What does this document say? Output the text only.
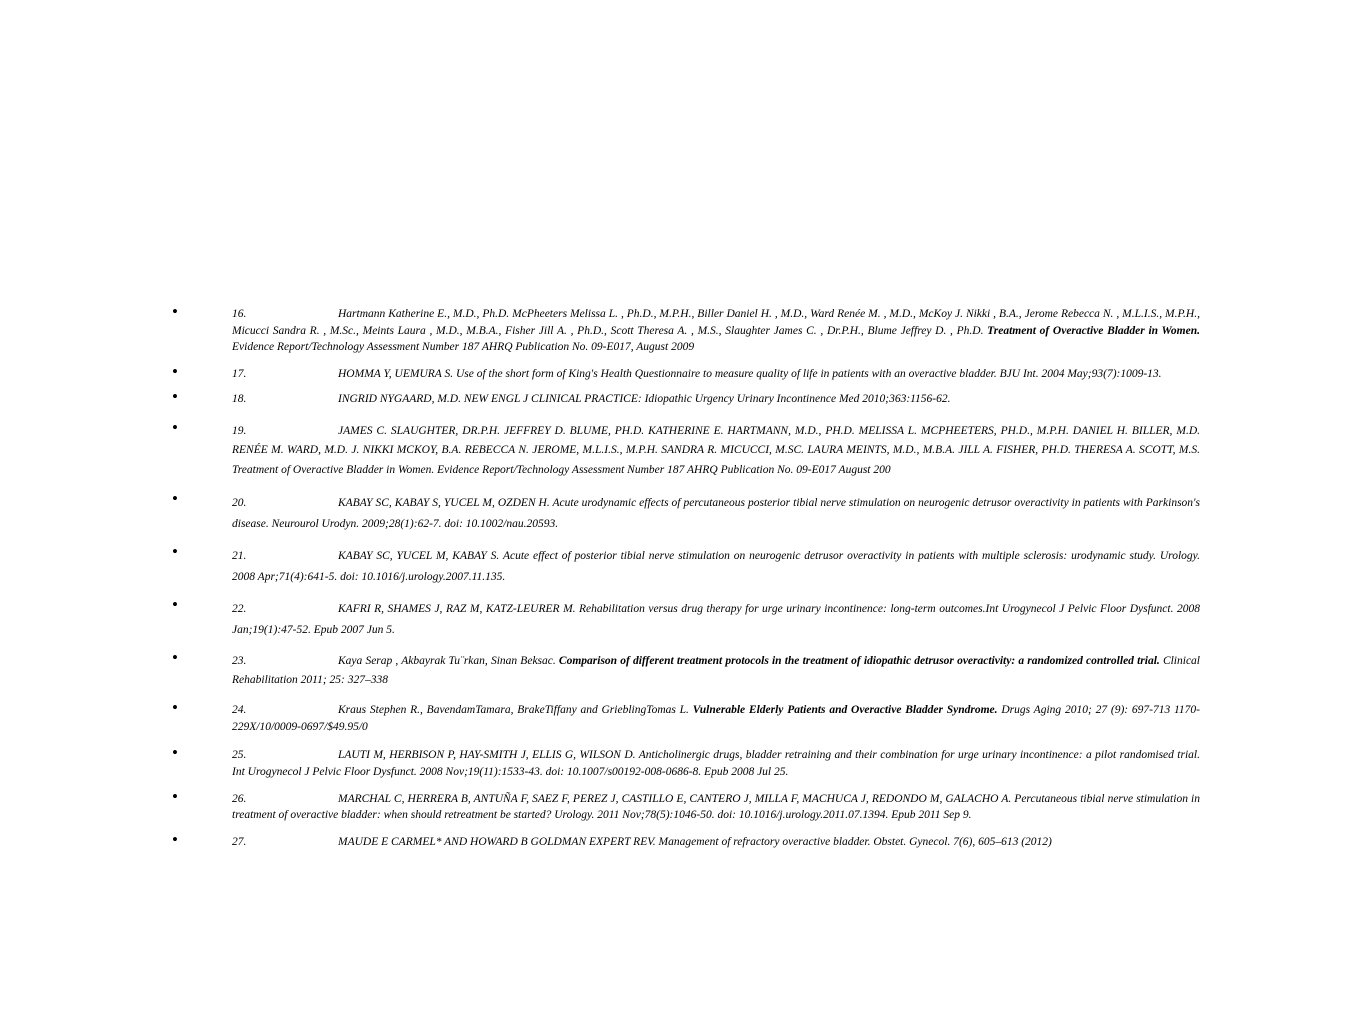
•	16.	Hartmann Katherine E., M.D., Ph.D. McPheeters Melissa L. , Ph.D., M.P.H., Biller Daniel H. , M.D., Ward Renée M. , M.D., McKoy J. Nikki , B.A., Jerome Rebecca N. , M.L.I.S., M.P.H., Micucci Sandra R. , M.Sc., Meints Laura , M.D., M.B.A., Fisher Jill A. , Ph.D., Scott Theresa A. , M.S., Slaughter James C. , Dr.P.H., Blume Jeffrey D. , Ph.D. Treatment of Overactive Bladder in Women. Evidence Report/Technology Assessment Number 187 AHRQ Publication No. 09-E017, August 2009
•	17.	HOMMA Y, UEMURA S. Use of the short form of King's Health Questionnaire to measure quality of life in patients with an overactive bladder. BJU Int. 2004 May;93(7):1009-13.
•	18.	INGRID NYGAARD, M.D. NEW ENGL J CLINICAL PRACTICE: Idiopathic Urgency Urinary Incontinence Med 2010;363:1156-62.
•	19.	JAMES C. SLAUGHTER, DR.P.H. JEFFREY D. BLUME, PH.D. KATHERINE E. HARTMANN, M.D., PH.D. MELISSA L. MCPHEETERS, PH.D., M.P.H. DANIEL H. BILLER, M.D. RENÉE M. WARD, M.D. J. NIKKI MCKOY, B.A. REBECCA N. JEROME, M.L.I.S., M.P.H. SANDRA R. MICUCCI, M.SC. LAURA MEINTS, M.D., M.B.A. JILL A. FISHER, PH.D. THERESA A. SCOTT, M.S. Treatment of Overactive Bladder in Women. Evidence Report/Technology Assessment Number 187 AHRQ Publication No. 09-E017 August 200
•	20.	KABAY SC, KABAY S, YUCEL M, OZDEN H. Acute urodynamic effects of percutaneous posterior tibial nerve stimulation on neurogenic detrusor overactivity in patients with Parkinson's disease. Neurourol Urodyn. 2009;28(1):62-7. doi: 10.1002/nau.20593.
•	21.	KABAY SC, YUCEL M, KABAY S. Acute effect of posterior tibial nerve stimulation on neurogenic detrusor overactivity in patients with multiple sclerosis: urodynamic study. Urology. 2008 Apr;71(4):641-5. doi: 10.1016/j.urology.2007.11.135.
•	22.	KAFRI R, SHAMES J, RAZ M, KATZ-LEURER M. Rehabilitation versus drug therapy for urge urinary incontinence: long-term outcomes.Int Urogynecol J Pelvic Floor Dysfunct. 2008 Jan;19(1):47-52. Epub 2007 Jun 5.
•	23.	Kaya Serap , Akbayrak Tu¨rkan, Sinan Beksac. Comparison of different treatment protocols in the treatment of idiopathic detrusor overactivity: a randomized controlled trial. Clinical Rehabilitation 2011; 25: 327–338
•	24.	Kraus Stephen R., BavendamTamara, BrakeTiffany and GrieblingTomas L. Vulnerable Elderly Patients and Overactive Bladder Syndrome. Drugs Aging 2010; 27 (9): 697-713 1170-229X/10/0009-0697/$49.95/0
•	25.	LAUTI M, HERBISON P, HAY-SMITH J, ELLIS G, WILSON D. Anticholinergic drugs, bladder retraining and their combination for urge urinary incontinence: a pilot randomised trial. Int Urogynecol J Pelvic Floor Dysfunct. 2008 Nov;19(11):1533-43. doi: 10.1007/s00192-008-0686-8. Epub 2008 Jul 25.
•	26.	MARCHAL C, HERRERA B, ANTUÑA F, SAEZ F, PEREZ J, CASTILLO E, CANTERO J, MILLA F, MACHUCA J, REDONDO M, GALACHO A. Percutaneous tibial nerve stimulation in treatment of overactive bladder: when should retreatment be started? Urology. 2011 Nov;78(5):1046-50. doi: 10.1016/j.urology.2011.07.1394. Epub 2011 Sep 9.
•	27.	MAUDE E CARMEL* AND HOWARD B GOLDMAN EXPERT REV. Management of refractory overactive bladder. Obstet. Gynecol. 7(6), 605–613 (2012)
